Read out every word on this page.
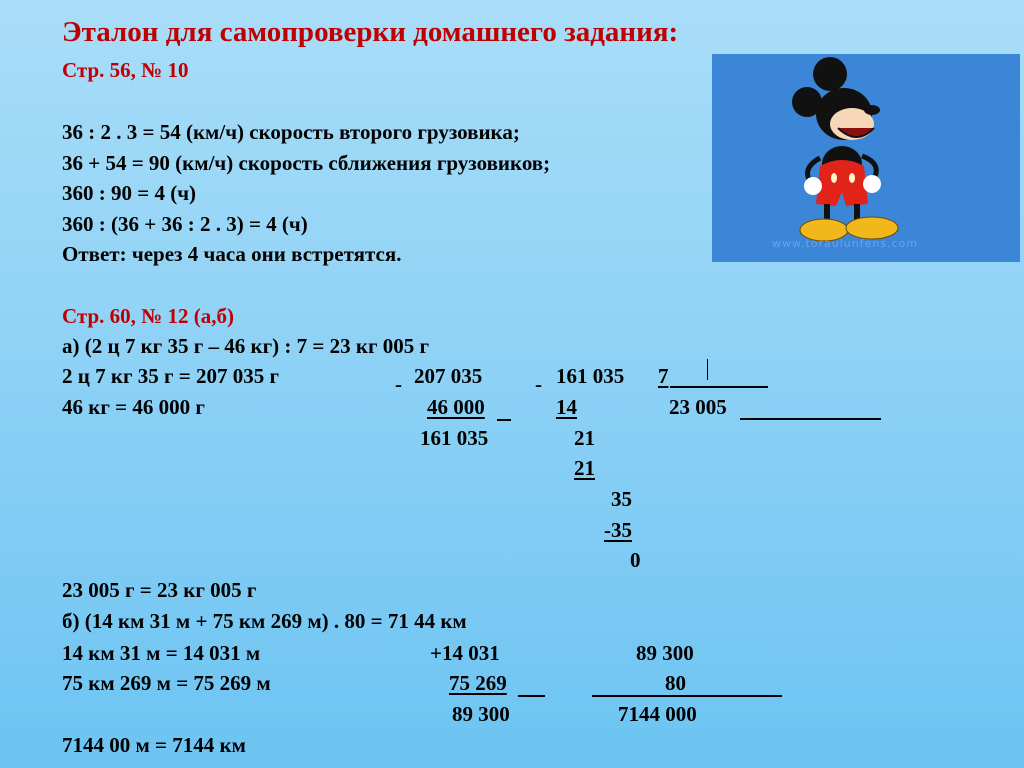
Эталон для самопроверки домашнего задания:
Стр. 56, № 10
36 : 2 . 3 = 54 (км/ч) скорость второго грузовика;
36 + 54 = 90 (км/ч) скорость сближения грузовиков;
360 : 90 = 4 (ч)
360 : (36 + 36 : 2 . 3) = 4 (ч)
Ответ: через 4 часа они встретятся.	www.toraulunfens.com
Стр. 60, № 12 (а,б)
а) (2 ц 7 кг 35 г – 46 кг) : 7 = 23 кг 005 г
2 ц 7 кг 35 г = 207 035 г
46 кг = 46 000 г
- 207 035
46 000
161 035
- 161 035 7
23 005
14
21
21
35
-35
0
23 005 г = 23 кг 005 г
б) (14 км 31 м + 75 км 269 м) . 80 = 71 44 км
14 км 31 м = 14 031 м
75 км 269 м = 75 269 м
+14 031
75 269
89 300
89 300
80
7144 000
7144 00 м = 7144 км
